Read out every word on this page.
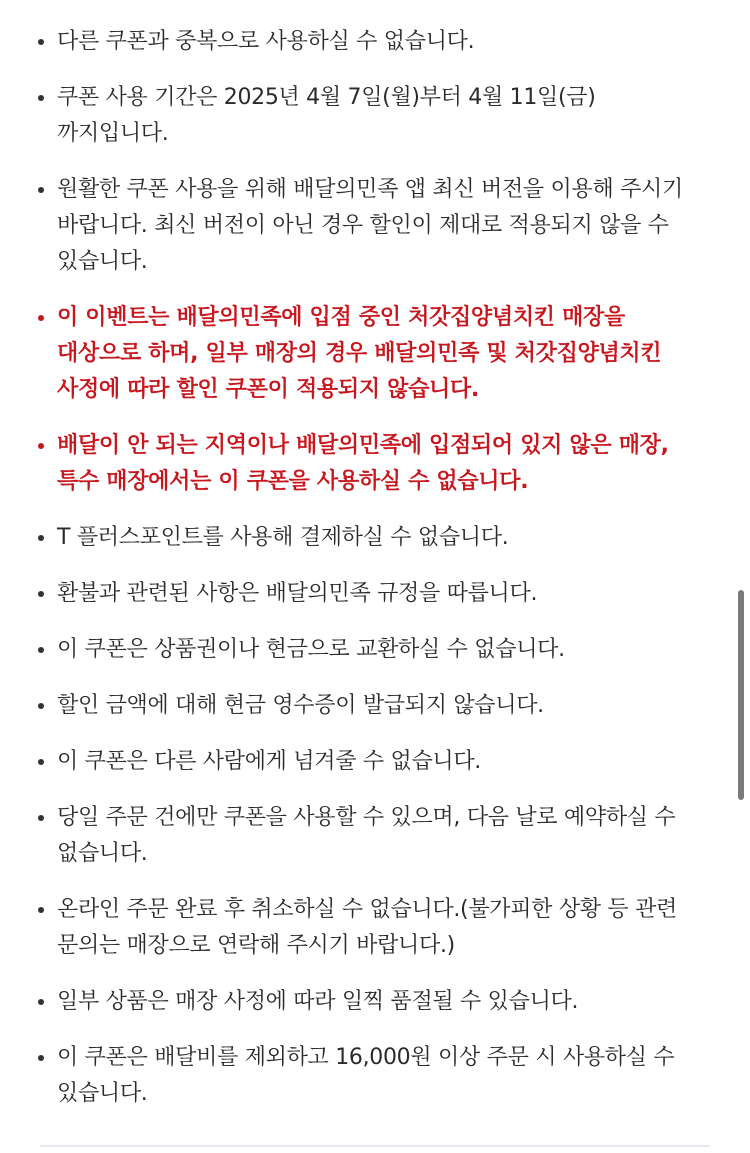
다른 쿠폰과 중복으로 사용하실 수 없습니다.
쿠폰 사용 기간은 2025년 4월 7일(월)부터 4월 11일(금)까지입니다.
원활한 쿠폰 사용을 위해 배달의민족 앱 최신 버전을 이용해 주시기 바랍니다. 최신 버전이 아닌 경우 할인이 제대로 적용되지 않을 수 있습니다.
이 이벤트는 배달의민족에 입점 중인 처갓집양념치킨 매장을 대상으로 하며, 일부 매장의 경우 배달의민족 및 처갓집양념치킨 사정에 따라 할인 쿠폰이 적용되지 않습니다.
배달이 안 되는 지역이나 배달의민족에 입점되어 있지 않은 매장, 특수 매장에서는 이 쿠폰을 사용하실 수 없습니다.
T 플러스포인트를 사용해 결제하실 수 없습니다.
환불과 관련된 사항은 배달의민족 규정을 따릅니다.
이 쿠폰은 상품권이나 현금으로 교환하실 수 없습니다.
할인 금액에 대해 현금 영수증이 발급되지 않습니다.
이 쿠폰은 다른 사람에게 넘겨줄 수 없습니다.
당일 주문 건에만 쿠폰을 사용할 수 있으며, 다음 날로 예약하실 수 없습니다.
온라인 주문 완료 후 취소하실 수 없습니다.(불가피한 상황 등 관련 문의는 매장으로 연락해 주시기 바랍니다.)
일부 상품은 매장 사정에 따라 일찍 품절될 수 있습니다.
이 쿠폰은 배달비를 제외하고 16,000원 이상 주문 시 사용하실 수 있습니다.
